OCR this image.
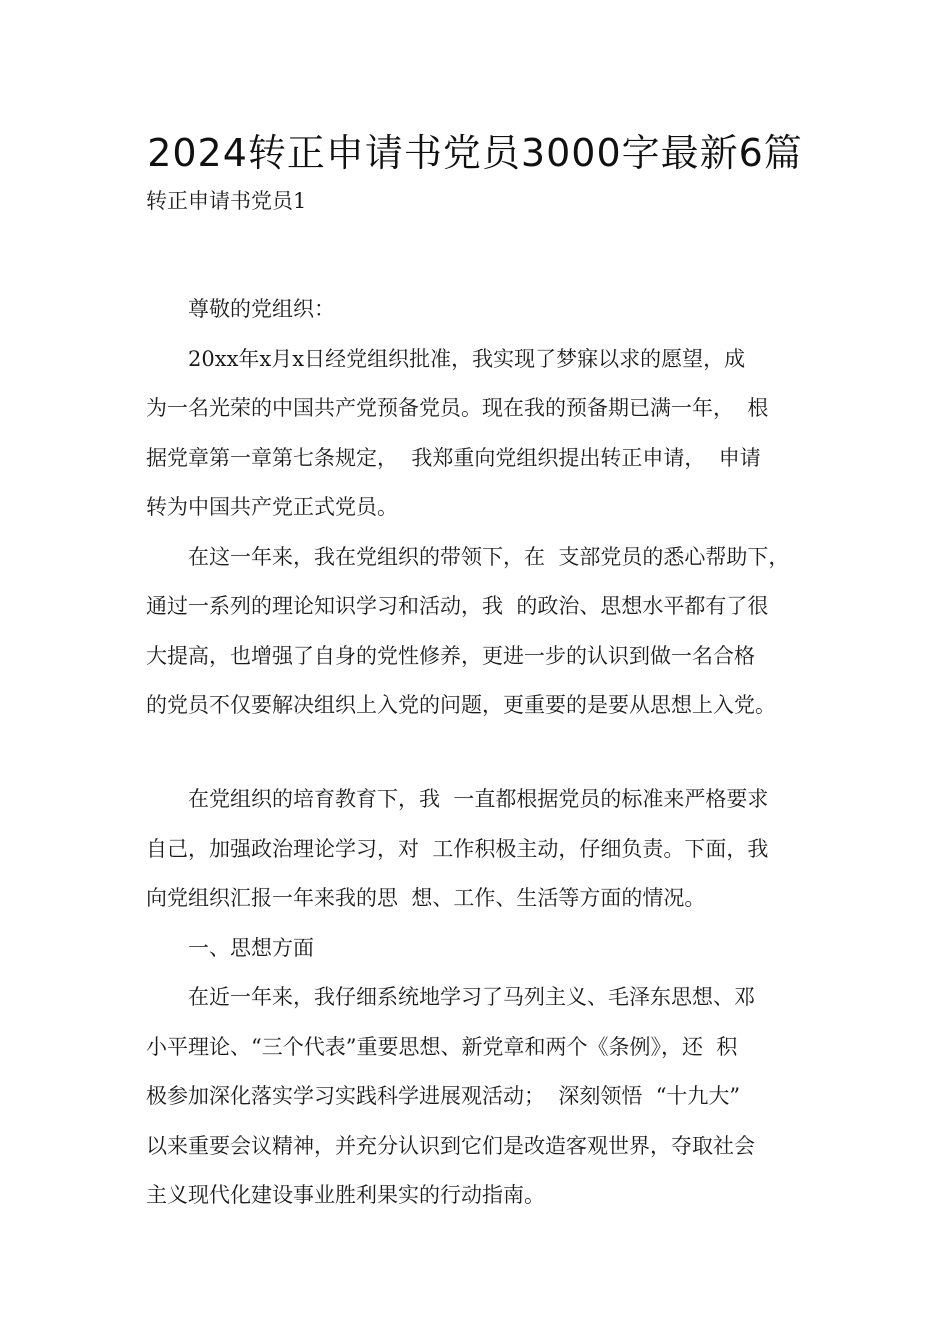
2024转正申请书党员3000字最新6篇
转正申请书党员1
尊敬的党组织：
20xx年x月x日经党组织批准，我实现了梦寐以求的愿望，成
为一名光荣的中国共产党预备党员。现在我的预备期已满一年，  根
据党章第一章第七条规定，  我郑重向党组织提出转正申请，  申请
转为中国共产党正式党员。
在这一年来，我在党组织的带领下，在  支部党员的悉心帮助下，
通过一系列的理论知识学习和活动，我  的政治、思想水平都有了很
大提高，也增强了自身的党性修养，更进一步的认识到做一名合格
的党员不仅要解决组织上入党的问题，更重要的是要从思想上入党。
在党组织的培育教育下，我  一直都根据党员的标准来严格要求
自己，加强政治理论学习，对  工作积极主动，仔细负责。下面，我
向党组织汇报一年来我的思  想、工作、生活等方面的情况。
一、思想方面
在近一年来，我仔细系统地学习了马列主义、毛泽东思想、邓
小平理论、“三个代表”重要思想、新党章和两个《条例》，还  积
极参加深化落实学习实践科学进展观活动；  深刻领悟  “十九大”
以来重要会议精神，并充分认识到它们是改造客观世界，夺取社会
主义现代化建设事业胜利果实的行动指南。
